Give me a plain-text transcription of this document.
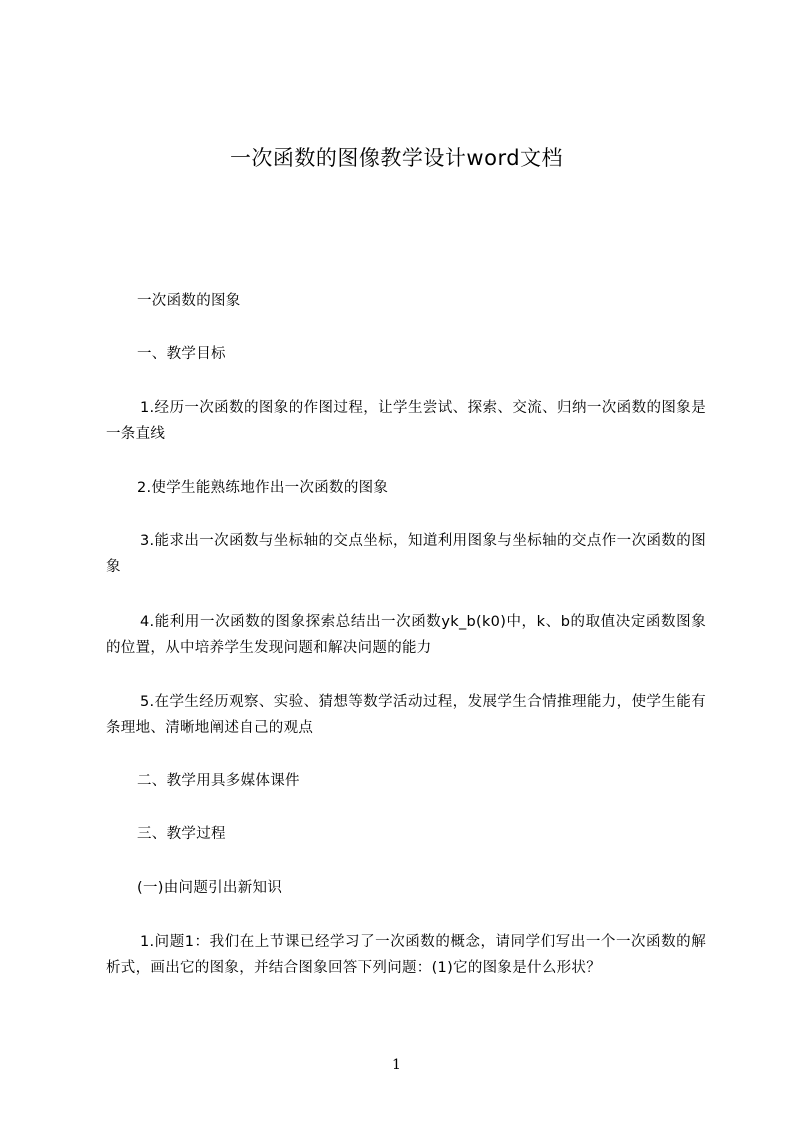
一次函数的图像教学设计word文档

一次函数的图象

一、教学目标

1.经历一次函数的图象的作图过程，让学生尝试、探索、交流、归纳一次函数的图象是一条直线

2.使学生能熟练地作出一次函数的图象

3.能求出一次函数与坐标轴的交点坐标，知道利用图象与坐标轴的交点作一次函数的图象

4.能利用一次函数的图象探索总结出一次函数yk_b(k0)中，k、b的取值决定函数图象的位置，从中培养学生发现问题和解决问题的能力

5.在学生经历观察、实验、猜想等数学活动过程，发展学生合情推理能力，使学生能有条理地、清晰地阐述自己的观点

二、教学用具多媒体课件

三、教学过程

(一)由问题引出新知识

1.问题1：我们在上节课已经学习了一次函数的概念，请同学们写出一个一次函数的解析式，画出它的图象，并结合图象回答下列问题：(1)它的图象是什么形状？

1
